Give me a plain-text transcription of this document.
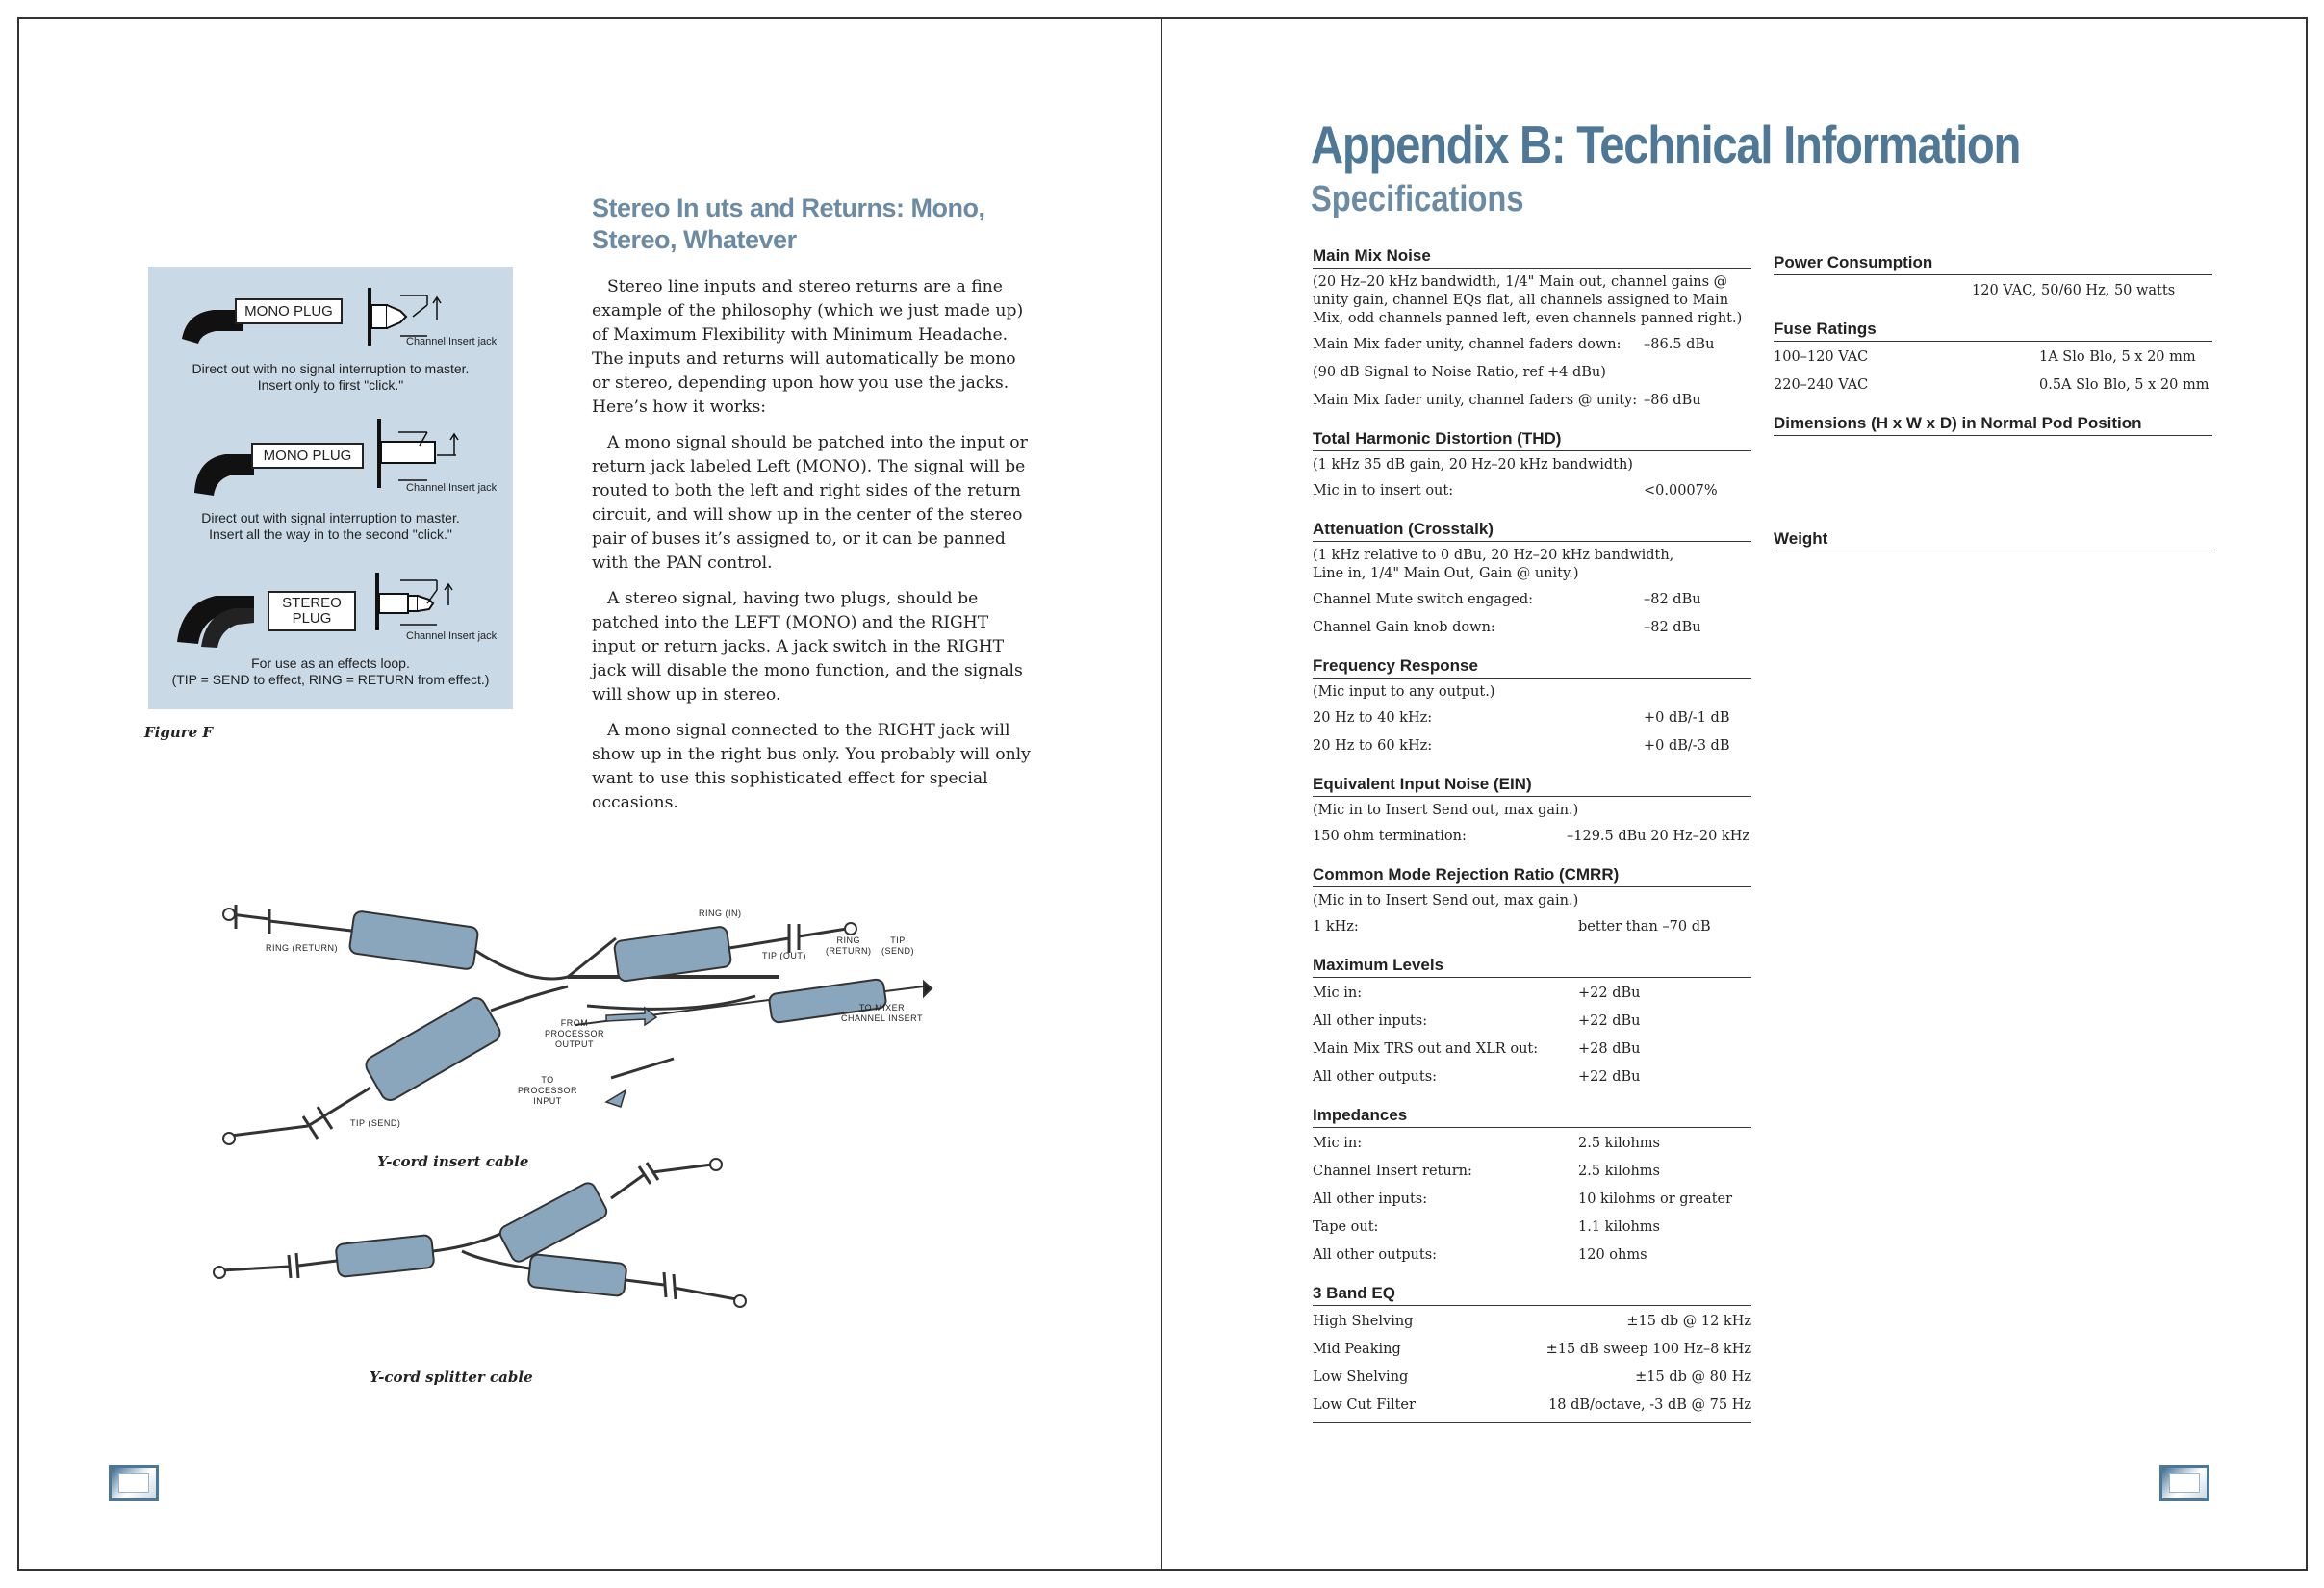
Stereo In uts and Returns: Mono,
Stereo, Whatever

Stereo line inputs and stereo returns are a fine example of the philosophy (which we just made up) of Maximum Flexibility with Minimum Headache. The inputs and returns will automatically be mono or stereo, depending upon how you use the jacks. Here’s how it works:

A mono signal should be patched into the input or return jack labeled Left (MONO). The signal will be routed to both the left and right sides of the return circuit, and will show up in the center of the stereo pair of buses it’s assigned to, or it can be panned with the PAN control.

A stereo signal, having two plugs, should be patched into the LEFT (MONO) and the RIGHT input or return jacks. A jack switch in the RIGHT jack will disable the mono function, and the signals will show up in stereo.

A mono signal connected to the RIGHT jack will show up in the right bus only. You probably will only want to use this sophisticated effect for special occasions.

MONO PLUG
Channel Insert jack
Direct out with no signal interruption to master.
Insert only to first "click."
MONO PLUG
Channel Insert jack
Direct out with signal interruption to master.
Insert all the way in to the second "click."
STEREO
PLUG
Channel Insert jack
For use as an effects loop.
(TIP = SEND to effect, RING = RETURN from effect.)
Figure F
RING (RETURN)
RING (IN)
TIP (OUT)
RING
(RETURN)
TIP
(SEND)
FROM
PROCESSOR
OUTPUT
TO MIXER
CHANNEL INSERT
TO
PROCESSOR
INPUT
TIP (SEND)
Y-cord insert cable
Y-cord splitter cable
Appendix B: Technical Information
Specifications
Main Mix Noise
(20 Hz–20 kHz bandwidth, 1/4" Main out, channel gains @ unity gain, channel EQs flat, all channels assigned to Main Mix, odd channels panned left, even channels panned right.)
Main Mix fader unity, channel faders down: –86.5 dBu
(90 dB Signal to Noise Ratio, ref +4 dBu)
Main Mix fader unity, channel faders @ unity: –86 dBu
Total Harmonic Distortion (THD)
(1 kHz 35 dB gain, 20 Hz–20 kHz bandwidth)
Mic in to insert out:	<0.0007%
Attenuation (Crosstalk)
(1 kHz relative to 0 dBu, 20 Hz–20 kHz bandwidth, Line in, 1/4" Main Out, Gain @ unity.)
Channel Mute switch engaged:	–82 dBu
Channel Gain knob down:	–82 dBu
Frequency Response
(Mic input to any output.)
20 Hz to 40 kHz:	+0 dB/-1 dB
20 Hz to 60 kHz:	+0 dB/-3 dB
Equivalent Input Noise (EIN)
(Mic in to Insert Send out, max gain.)
150 ohm termination:	–129.5 dBu 20 Hz–20 kHz
Common Mode Rejection Ratio (CMRR)
(Mic in to Insert Send out, max gain.)
1 kHz:	better than –70 dB
Maximum Levels
Mic in:	+22 dBu
All other inputs:	+22 dBu
Main Mix TRS out and XLR out:	+28 dBu
All other outputs:	+22 dBu
Impedances
Mic in:	2.5 kilohms
Channel Insert return:	2.5 kilohms
All other inputs:	10 kilohms or greater
Tape out:	1.1 kilohms
All other outputs:	120 ohms
3 Band EQ
High Shelving	±15 db @ 12 kHz
Mid Peaking	±15 dB sweep 100 Hz–8 kHz
Low Shelving	±15 db @ 80 Hz
Low Cut Filter	18 dB/octave, -3 dB @ 75 Hz
Power Consumption
120 VAC, 50/60 Hz, 50 watts
Fuse Ratings
100–120 VAC	1A Slo Blo, 5 x 20 mm
220–240 VAC	0.5A Slo Blo, 5 x 20 mm
Dimensions (H x W x D) in Normal Pod Position
Weight
